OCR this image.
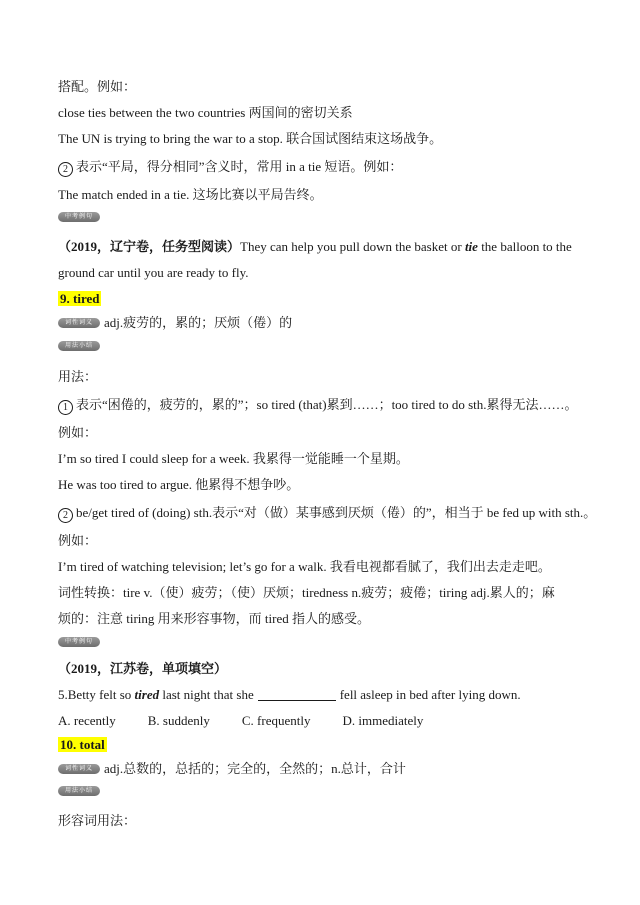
搭配。例如：
close ties between the two countries 两国间的密切关系
The UN is trying to bring the war to a stop. 联合国试图结束这场战争。
2 表示“平局，得分相同”含义时，常用 in a tie 短语。例如：
The match ended in a tie. 这场比赛以平局告终。
中考例句
（2019，辽宁卷，任务型阅读）They can help you pull down the basket or tie the balloon to the
ground car until you are ready to fly.
9. tired
词性词义 adj.疲劳的，累的；厌烦（倦）的
用法小结
用法：
1 表示“困倦的，疲劳的，累的”；so tired (that)累到……；too tired to do sth.累得无法……。
例如：
I’m so tired I could sleep for a week. 我累得一觉能睡一个星期。
He was too tired to argue. 他累得不想争吵。
2 be/get tired of (doing) sth.表示“对（做）某事感到厌烦（倦）的”，相当于 be fed up with sth.。
例如：
I’m tired of watching television; let’s go for a walk. 我看电视都看腻了，我们出去走走吧。
词性转换：tire v.（使）疲劳；（使）厌烦；tiredness n.疲劳；疲倦；tiring adj.累人的；麻
烦的：注意 tiring 用来形容事物，而 tired 指人的感受。
中考例句
（2019，江苏卷，单项填空）
5.Betty felt so tired last night that she	fell asleep in bed after lying down.
A. recently B. suddenly C. frequently D. immediately
10. total
词性词义 adj.总数的，总括的；完全的，全然的；n.总计，合计
用法小结
形容词用法：
